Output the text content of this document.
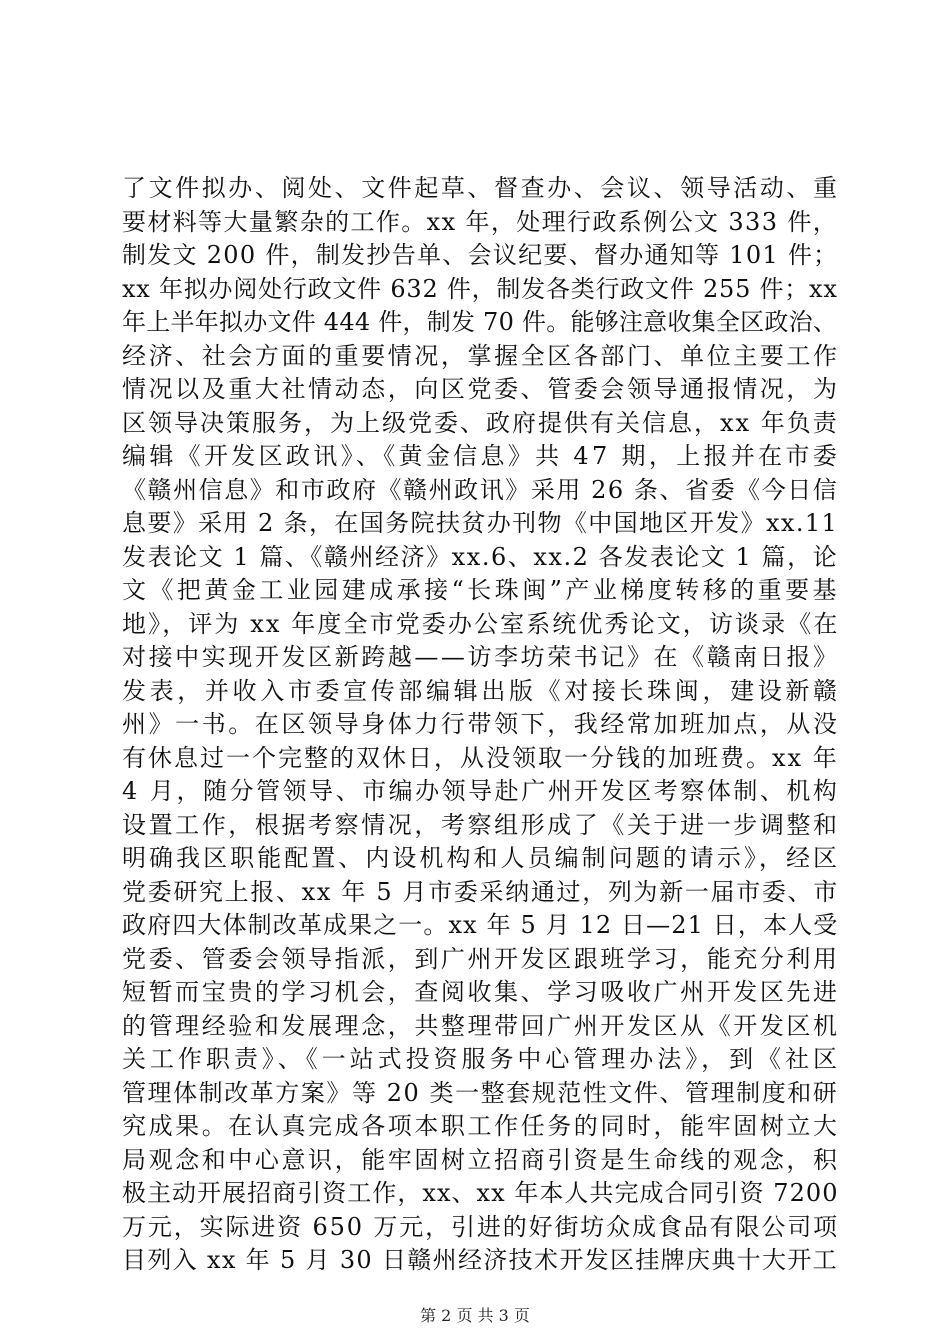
了文件拟办、阅处、文件起草、督查办、会议、领导活动、重
要材料等大量繁杂的工作。xx 年，处理行政系例公文 333 件，
制发文 200 件，制发抄告单、会议纪要、督办通知等 101 件；
xx 年拟办阅处行政文件 632 件，制发各类行政文件 255 件；xx
年上半年拟办文件 444 件，制发 70 件。能够注意收集全区政治、
经济、社会方面的重要情况，掌握全区各部门、单位主要工作
情况以及重大社情动态，向区党委、管委会领导通报情况，为
区领导决策服务，为上级党委、政府提供有关信息，xx 年负责
编辑《开发区政讯》、《黄金信息》共 47 期，上报并在市委
《赣州信息》和市政府《赣州政讯》采用 26 条、省委《今日信
息要》采用 2 条，在国务院扶贫办刊物《中国地区开发》xx.11
发表论文 1 篇、《赣州经济》xx.6、xx.2 各发表论文 1 篇，论
文《把黄金工业园建成承接“长珠闽”产业梯度转移的重要基
地》，评为 xx 年度全市党委办公室系统优秀论文，访谈录《在
对接中实现开发区新跨越——访李坊荣书记》在《赣南日报》
发表，并收入市委宣传部编辑出版《对接长珠闽，建设新赣
州》一书。在区领导身体力行带领下，我经常加班加点，从没
有休息过一个完整的双休日，从没领取一分钱的加班费。xx 年
4 月，随分管领导、市编办领导赴广州开发区考察体制、机构
设置工作，根据考察情况，考察组形成了《关于进一步调整和
明确我区职能配置、内设机构和人员编制问题的请示》，经区
党委研究上报、xx 年 5 月市委采纳通过，列为新一届市委、市
政府四大体制改革成果之一。xx 年 5 月 12 日—21 日，本人受
党委、管委会领导指派，到广州开发区跟班学习，能充分利用
短暂而宝贵的学习机会，查阅收集、学习吸收广州开发区先进
的管理经验和发展理念，共整理带回广州开发区从《开发区机
关工作职责》、《一站式投资服务中心管理办法》，到《社区
管理体制改革方案》等 20 类一整套规范性文件、管理制度和研
究成果。在认真完成各项本职工作任务的同时，能牢固树立大
局观念和中心意识，能牢固树立招商引资是生命线的观念，积
极主动开展招商引资工作，xx、xx 年本人共完成合同引资 7200
万元，实际进资 650 万元，引进的好街坊众成食品有限公司项
目列入 xx 年 5 月 30 日赣州经济技术开发区挂牌庆典十大开工
第 2 页 共 3 页
